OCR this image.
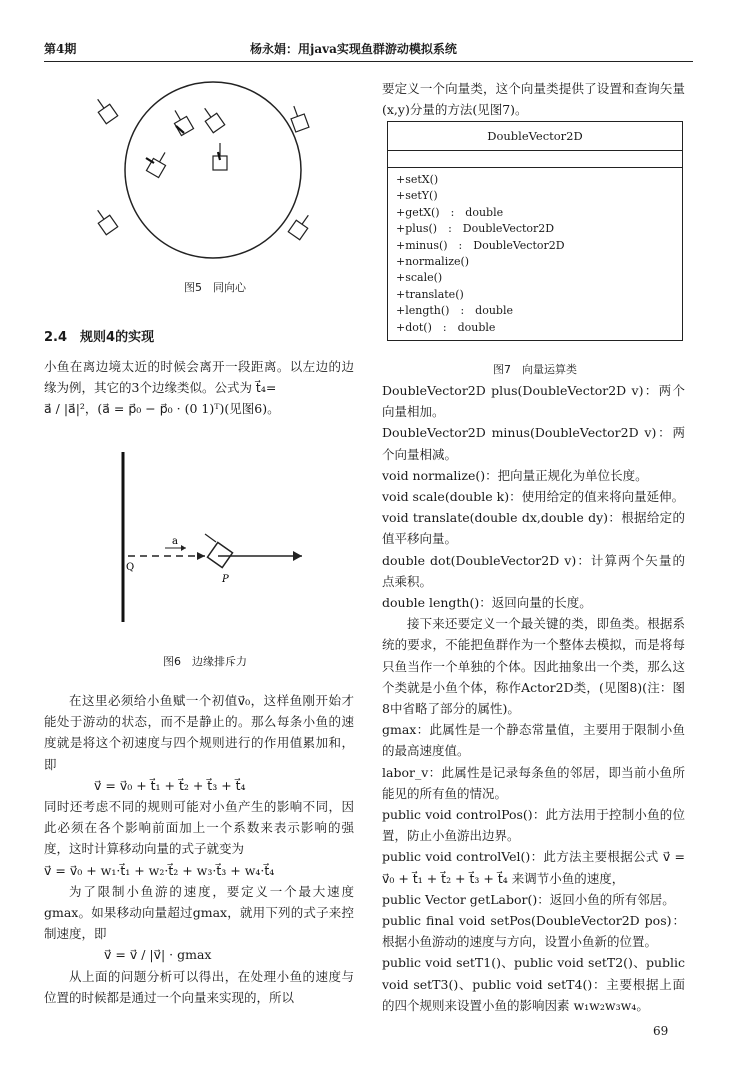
第4期	杨永娟：用java实现鱼群游动模拟系统
图5　同向心
2.4　规则4的实现

小鱼在离边境太近的时候会离开一段距离。以左边的边缘为例，其它的3个边缘类似。公式为 t⃗₄=

a⃗ / |a⃗|²，(a⃗ = p⃗₀ − p⃗₀ · (0 1)ᵀ)(见图6)。

a
Q
P
图6　边缘排斥力

在这里必须给小鱼赋一个初值v⃗₀，这样鱼刚开始才能处于游动的状态，而不是静止的。那么每条小鱼的速度就是将这个初速度与四个规则进行的作用值累加和，即

v⃗ = v⃗₀ + t⃗₁ + t⃗₂ + t⃗₃ + t⃗₄

同时还考虑不同的规则可能对小鱼产生的影响不同，因此必须在各个影响前面加上一个系数来表示影响的强度，这时计算移动向量的式子就变为

v⃗ = v⃗₀ + w₁·t⃗₁ + w₂·t⃗₂ + w₃·t⃗₃ + w₄·t⃗₄

为了限制小鱼游的速度，要定义一个最大速度gmax。如果移动向量超过gmax，就用下列的式子来控制速度，即

v⃗ = v⃗ / |v⃗| · gmax

从上面的问题分析可以得出，在处理小鱼的速度与位置的时候都是通过一个向量来实现的，所以

要定义一个向量类，这个向量类提供了设置和查询矢量(x,y)分量的方法(见图7)。

DoubleVector2D
+setX()
+setY()
+getX()　:　double
+plus()　:　DoubleVector2D
+minus()　:　DoubleVector2D
+normalize()
+scale()
+translate()
+length()　:　double
+dot()　:　double
图7　向量运算类

DoubleVector2D plus(DoubleVector2D v)：两个向量相加。

DoubleVector2D minus(DoubleVector2D v)：两个向量相减。

void normalize()：把向量正规化为单位长度。

void scale(double k)：使用给定的值来将向量延伸。

void translate(double dx,double dy)：根据给定的值平移向量。

double dot(DoubleVector2D v)：计算两个矢量的点乘积。

double length()：返回向量的长度。

接下来还要定义一个最关键的类，即鱼类。根据系统的要求，不能把鱼群作为一个整体去模拟，而是将每只鱼当作一个单独的个体。因此抽象出一个类，那么这个类就是小鱼个体，称作Actor2D类，(见图8)(注：图8中省略了部分的属性)。

gmax：此属性是一个静态常量值，主要用于限制小鱼的最高速度值。

labor_v：此属性是记录每条鱼的邻居，即当前小鱼所能见的所有鱼的情况。

public void controlPos()：此方法用于控制小鱼的位置，防止小鱼游出边界。

public void controlVel()：此方法主要根据公式 v⃗ = v⃗₀ + t⃗₁ + t⃗₂ + t⃗₃ + t⃗₄ 来调节小鱼的速度，

public Vector getLabor()：返回小鱼的所有邻居。

public final void setPos(DoubleVector2D pos)：根据小鱼游动的速度与方向，设置小鱼新的位置。

public void setT1()、public void setT2()、public void setT3()、public void setT4()：主要根据上面的四个规则来设置小鱼的影响因素 w₁w₂w₃w₄。

69
